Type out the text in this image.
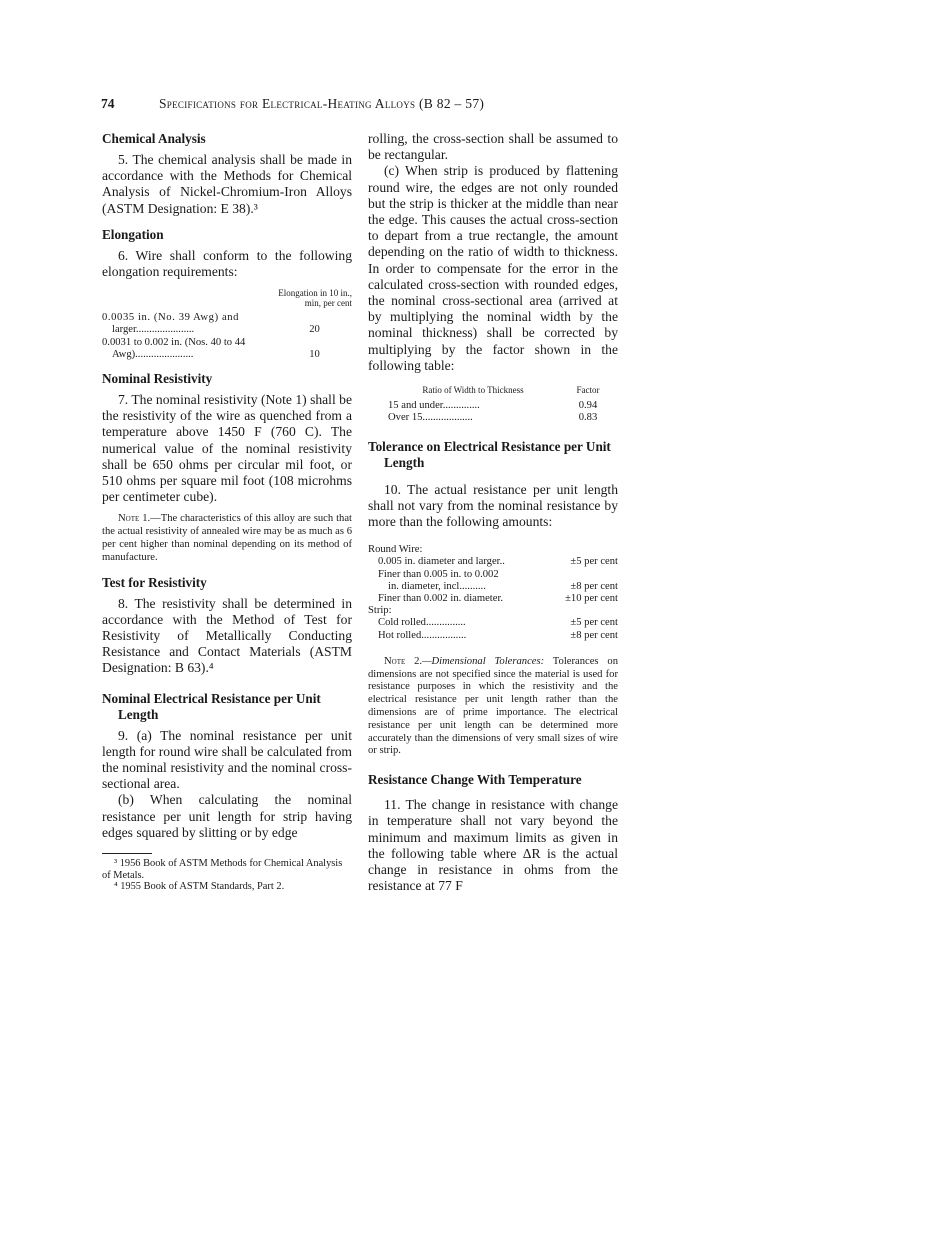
74	Specifications for Electrical-Heating Alloys (B 82 – 57)
Chemical Analysis

5. The chemical analysis shall be made in accordance with the Methods for Chemical Analysis of Nickel-Chromium-Iron Alloys (ASTM Designation: E 38).³

Elongation

6. Wire shall conform to the following elongation requirements:

	Elongation in 10 in., min, per cent

0.0035 in. (No. 39 Awg) and
larger......................	20

0.0031 to 0.002 in. (Nos. 40 to 44
Awg)......................	10
Nominal Resistivity

7. The nominal resistivity (Note 1) shall be the resistivity of the wire as quenched from a temperature above 1450 F (760 C). The numerical value of the nominal resistivity shall be 650 ohms per circular mil foot, or 510 ohms per square mil foot (108 microhms per centimeter cube).

Note 1.—The characteristics of this alloy are such that the actual resistivity of annealed wire may be as much as 6 per cent higher than nominal depending on its method of manufacture.
Test for Resistivity

8. The resistivity shall be determined in accordance with the Method of Test for Resistivity of Metallically Conducting Resistance and Contact Materials (ASTM Designation: B 63).⁴

Nominal Electrical Resistance per Unit Length

9. (a) The nominal resistance per unit length for round wire shall be calculated from the nominal resistivity and the nominal cross-sectional area.

(b) When calculating the nominal resistance per unit length for strip having edges squared by slitting or by edge

³ 1956 Book of ASTM Methods for Chemical Analysis of Metals.
⁴ 1955 Book of ASTM Standards, Part 2.

rolling, the cross-section shall be assumed to be rectangular.

(c) When strip is produced by flattening round wire, the edges are not only rounded but the strip is thicker at the middle than near the edge. This causes the actual cross-section to depart from a true rectangle, the amount depending on the ratio of width to thickness. In order to compensate for the error in the calculated cross-section with rounded edges, the nominal cross-sectional area (arrived at by multiplying the nominal width by the nominal thickness) shall be corrected by multiplying by the factor shown in the following table:

Ratio of Width to Thickness	Factor

15 and under..............	0.94
Over 15...................	0.83
Tolerance on Electrical Resistance per Unit Length

10. The actual resistance per unit length shall not vary from the nominal resistance by more than the following amounts:

Round Wire:	
0.005 in. diameter and larger..	±5 per cent

Finer than 0.005 in. to 0.002
in. diameter, incl..........	±8 per cent
Finer than 0.002 in. diameter.	±10 per cent
Strip:	
Cold rolled...............	±5 per cent
Hot rolled.................	±8 per cent
Note 2.—Dimensional Tolerances: Tolerances on dimensions are not specified since the material is used for resistance purposes in which the resistivity and the electrical resistance per unit length rather than the dimensions are of prime importance. The electrical resistance per unit length can be determined more accurately than the dimensions of very small sizes of wire or strip.
Resistance Change With Temperature

11. The change in resistance with change in temperature shall not vary beyond the minimum and maximum limits as given in the following table where ΔR is the actual change in resistance in ohms from the resistance at 77 F
